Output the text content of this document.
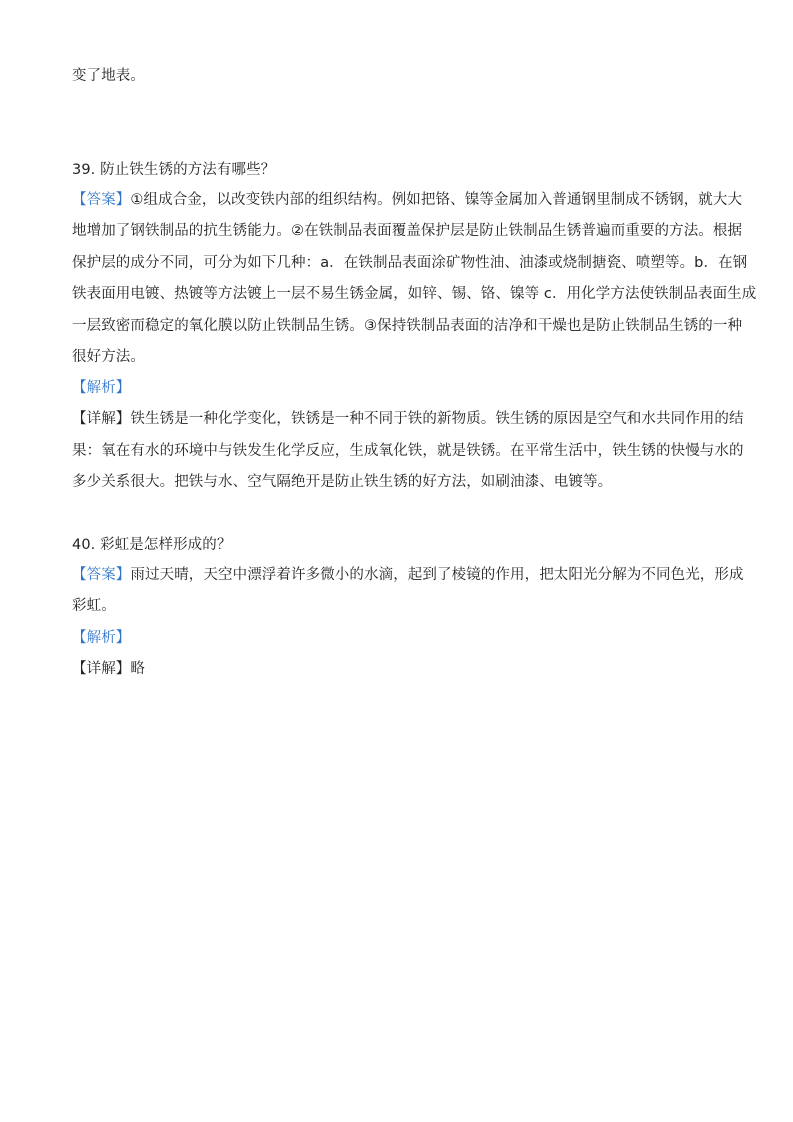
变了地表。
39. 防止铁生锈的方法有哪些？
【答案】①组成合金，以改变铁内部的组织结构。例如把铬、镍等金属加入普通钢里制成不锈钢，就大大
地增加了钢铁制品的抗生锈能力。②在铁制品表面覆盖保护层是防止铁制品生锈普遍而重要的方法。根据
保护层的成分不同，可分为如下几种：a．在铁制品表面涂矿物性油、油漆或烧制搪瓷、喷塑等。b．在钢
铁表面用电镀、热镀等方法镀上一层不易生锈金属，如锌、锡、铬、镍等 c．用化学方法使铁制品表面生成
一层致密而稳定的氧化膜以防止铁制品生锈。③保持铁制品表面的洁净和干燥也是防止铁制品生锈的一种
很好方法。
【解析】
【详解】铁生锈是一种化学变化，铁锈是一种不同于铁的新物质。铁生锈的原因是空气和水共同作用的结
果：氧在有水的环境中与铁发生化学反应，生成氧化铁，就是铁锈。在平常生活中，铁生锈的快慢与水的
多少关系很大。把铁与水、空气隔绝开是防止铁生锈的好方法，如刷油漆、电镀等。
40. 彩虹是怎样形成的？
【答案】雨过天晴，天空中漂浮着许多微小的水滴，起到了棱镜的作用，把太阳光分解为不同色光，形成
彩虹。
【解析】
【详解】略
